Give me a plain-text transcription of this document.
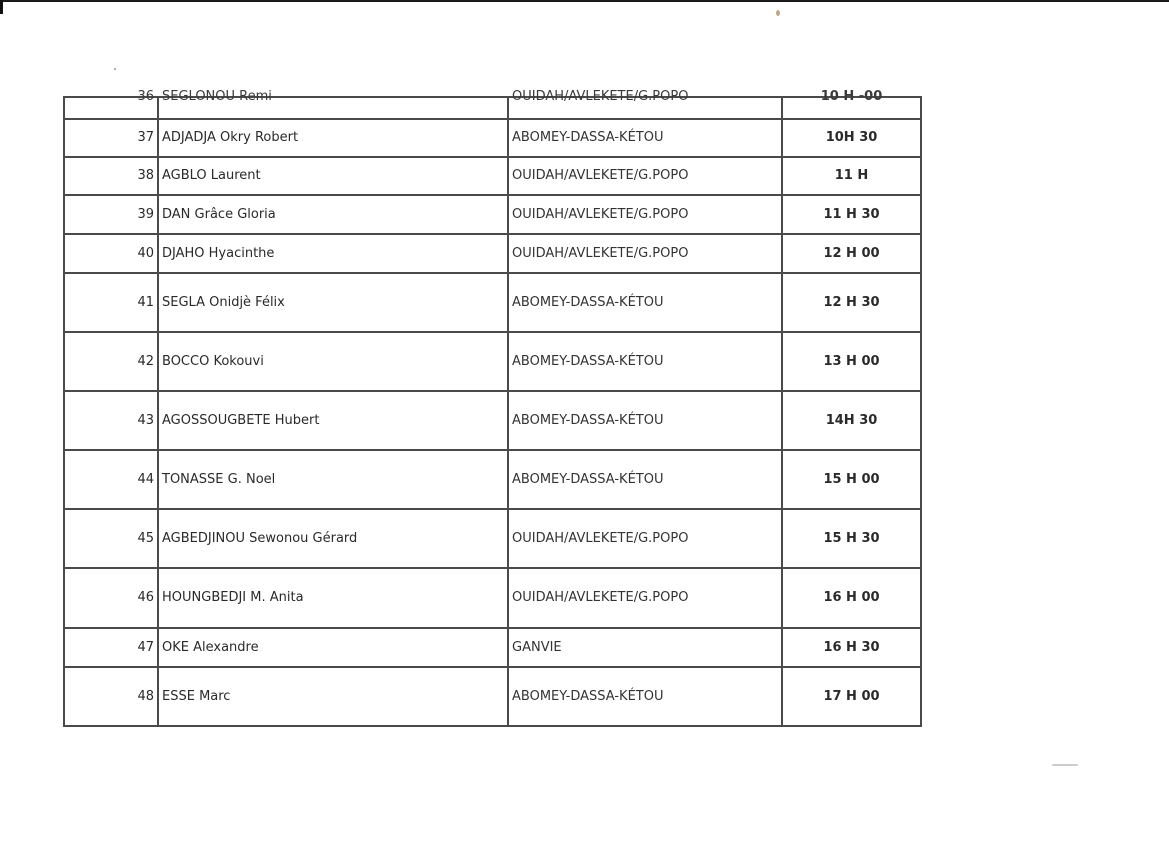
36	SEGLONOU Remi	OUIDAH/AVLEKETE/G.POPO	10 H -00

37	ADJADJA Okry Robert	ABOMEY-DASSA-KÉTOU	10H 30
38	AGBLO Laurent	OUIDAH/AVLEKETE/G.POPO	11 H
39	DAN Grâce Gloria	OUIDAH/AVLEKETE/G.POPO	11 H 30
40	DJAHO Hyacinthe	OUIDAH/AVLEKETE/G.POPO	12 H 00
41	SEGLA Onidjè Félix	ABOMEY-DASSA-KÉTOU	12 H 30
42	BOCCO Kokouvi	ABOMEY-DASSA-KÉTOU	13 H 00
43	AGOSSOUGBETE Hubert	ABOMEY-DASSA-KÉTOU	14H 30
44	TONASSE G. Noel	ABOMEY-DASSA-KÉTOU	15 H 00
45	AGBEDJINOU Sewonou Gérard	OUIDAH/AVLEKETE/G.POPO	15 H 30
46	HOUNGBEDJI M. Anita	OUIDAH/AVLEKETE/G.POPO	16 H 00
47	OKE Alexandre	GANVIE	16 H 30
48	ESSE Marc	ABOMEY-DASSA-KÉTOU	17 H 00
